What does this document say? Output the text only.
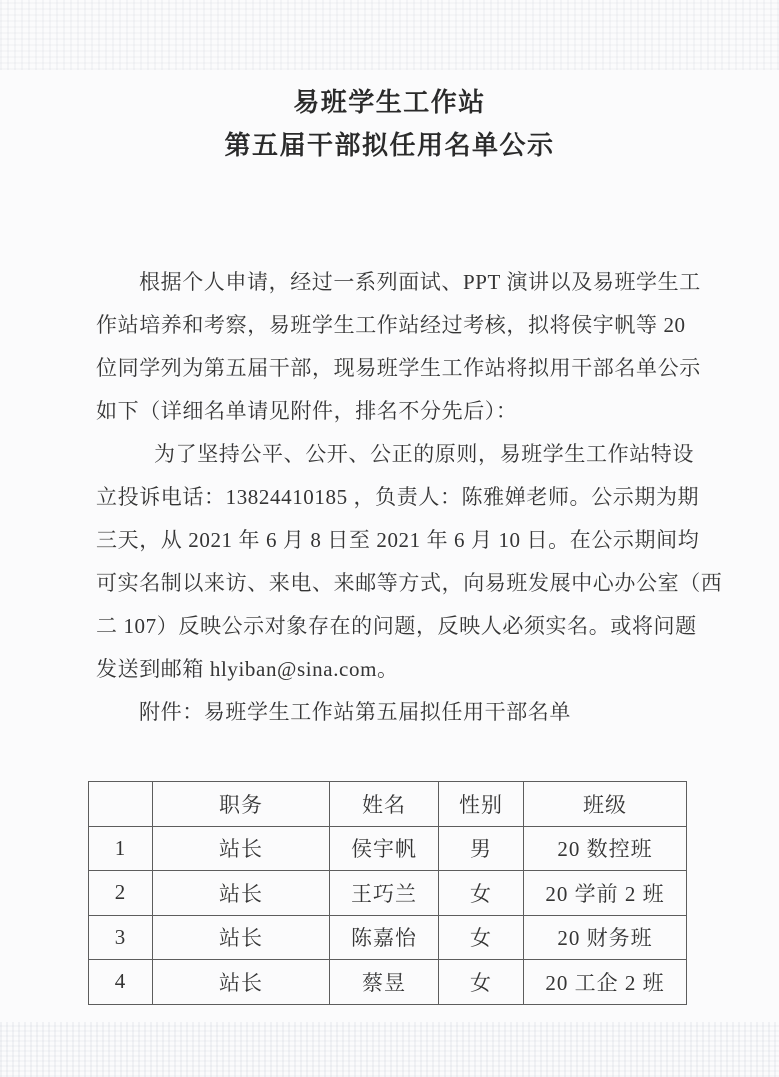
易班学生工作站
第五届干部拟任用名单公示
根据个人申请，经过一系列面试、PPT 演讲以及易班学生工
作站培养和考察，易班学生工作站经过考核，拟将侯宇帆等 20
位同学列为第五届干部，现易班学生工作站将拟用干部名单公示
如下（详细名单请见附件，排名不分先后）：
为了坚持公平、公开、公正的原则，易班学生工作站特设
立投诉电话：13824410185 ，负责人：陈雅婵老师。公示期为期
三天，从 2021 年 6 月 8 日至 2021 年 6 月 10 日。在公示期间均
可实名制以来访、来电、来邮等方式，向易班发展中心办公室（西
二 107）反映公示对象存在的问题，反映人必须实名。或将问题
发送到邮箱 hlyiban@sina.com。
附件：易班学生工作站第五届拟任用干部名单
	职务	姓名	性别	班级
1	站长	侯宇帆	男	20 数控班
2	站长	王巧兰	女	20 学前 2 班
3	站长	陈嘉怡	女	20 财务班
4	站长	蔡昱	女	20 工企 2 班
